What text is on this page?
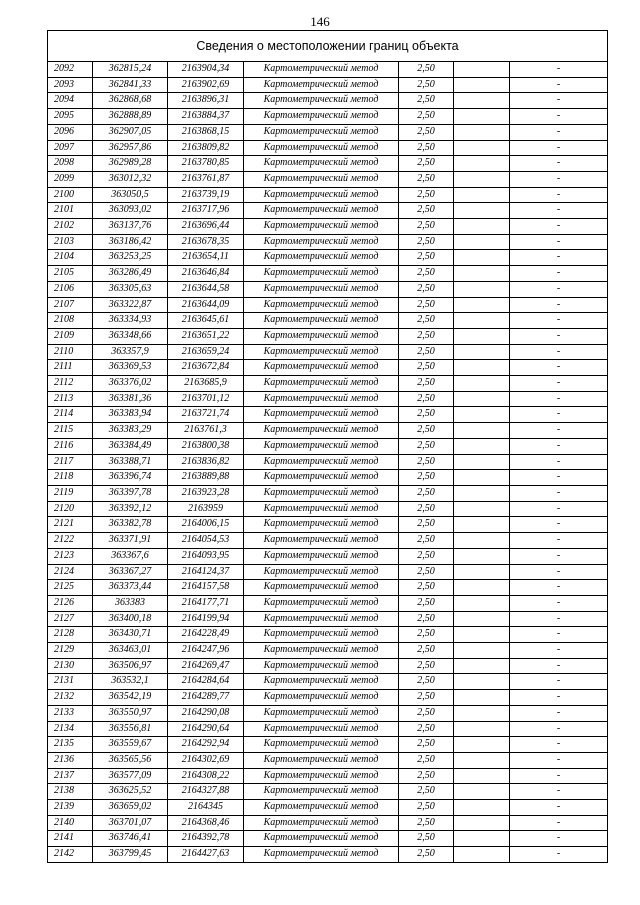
146
Сведения о местоположении границ объекта						
2092	362815,24	2163904,34	Картометрический метод	2,50		-
2093	362841,33	2163902,69	Картометрический метод	2,50		-
2094	362868,68	2163896,31	Картометрический метод	2,50		-
2095	362888,89	2163884,37	Картометрический метод	2,50		-
2096	362907,05	2163868,15	Картометрический метод	2,50		-
2097	362957,86	2163809,82	Картометрический метод	2,50		-
2098	362989,28	2163780,85	Картометрический метод	2,50		-
2099	363012,32	2163761,87	Картометрический метод	2,50		-
2100	363050,5	2163739,19	Картометрический метод	2,50		-
2101	363093,02	2163717,96	Картометрический метод	2,50		-
2102	363137,76	2163696,44	Картометрический метод	2,50		-
2103	363186,42	2163678,35	Картометрический метод	2,50		-
2104	363253,25	2163654,11	Картометрический метод	2,50		-
2105	363286,49	2163646,84	Картометрический метод	2,50		-
2106	363305,63	2163644,58	Картометрический метод	2,50		-
2107	363322,87	2163644,09	Картометрический метод	2,50		-
2108	363334,93	2163645,61	Картометрический метод	2,50		-
2109	363348,66	2163651,22	Картометрический метод	2,50		-
2110	363357,9	2163659,24	Картометрический метод	2,50		-
2111	363369,53	2163672,84	Картометрический метод	2,50		-
2112	363376,02	2163685,9	Картометрический метод	2,50		-
2113	363381,36	2163701,12	Картометрический метод	2,50		-
2114	363383,94	2163721,74	Картометрический метод	2,50		-
2115	363383,29	2163761,3	Картометрический метод	2,50		-
2116	363384,49	2163800,38	Картометрический метод	2,50		-
2117	363388,71	2163836,82	Картометрический метод	2,50		-
2118	363396,74	2163889,88	Картометрический метод	2,50		-
2119	363397,78	2163923,28	Картометрический метод	2,50		-
2120	363392,12	2163959	Картометрический метод	2,50		-
2121	363382,78	2164006,15	Картометрический метод	2,50		-
2122	363371,91	2164054,53	Картометрический метод	2,50		-
2123	363367,6	2164093,95	Картометрический метод	2,50		-
2124	363367,27	2164124,37	Картометрический метод	2,50		-
2125	363373,44	2164157,58	Картометрический метод	2,50		-
2126	363383	2164177,71	Картометрический метод	2,50		-
2127	363400,18	2164199,94	Картометрический метод	2,50		-
2128	363430,71	2164228,49	Картометрический метод	2,50		-
2129	363463,01	2164247,96	Картометрический метод	2,50		-
2130	363506,97	2164269,47	Картометрический метод	2,50		-
2131	363532,1	2164284,64	Картометрический метод	2,50		-
2132	363542,19	2164289,77	Картометрический метод	2,50		-
2133	363550,97	2164290,08	Картометрический метод	2,50		-
2134	363556,81	2164290,64	Картометрический метод	2,50		-
2135	363559,67	2164292,94	Картометрический метод	2,50		-
2136	363565,56	2164302,69	Картометрический метод	2,50		-
2137	363577,09	2164308,22	Картометрический метод	2,50		-
2138	363625,52	2164327,88	Картометрический метод	2,50		-
2139	363659,02	2164345	Картометрический метод	2,50		-
2140	363701,07	2164368,46	Картометрический метод	2,50		-
2141	363746,41	2164392,78	Картометрический метод	2,50		-
2142	363799,45	2164427,63	Картометрический метод	2,50		-
